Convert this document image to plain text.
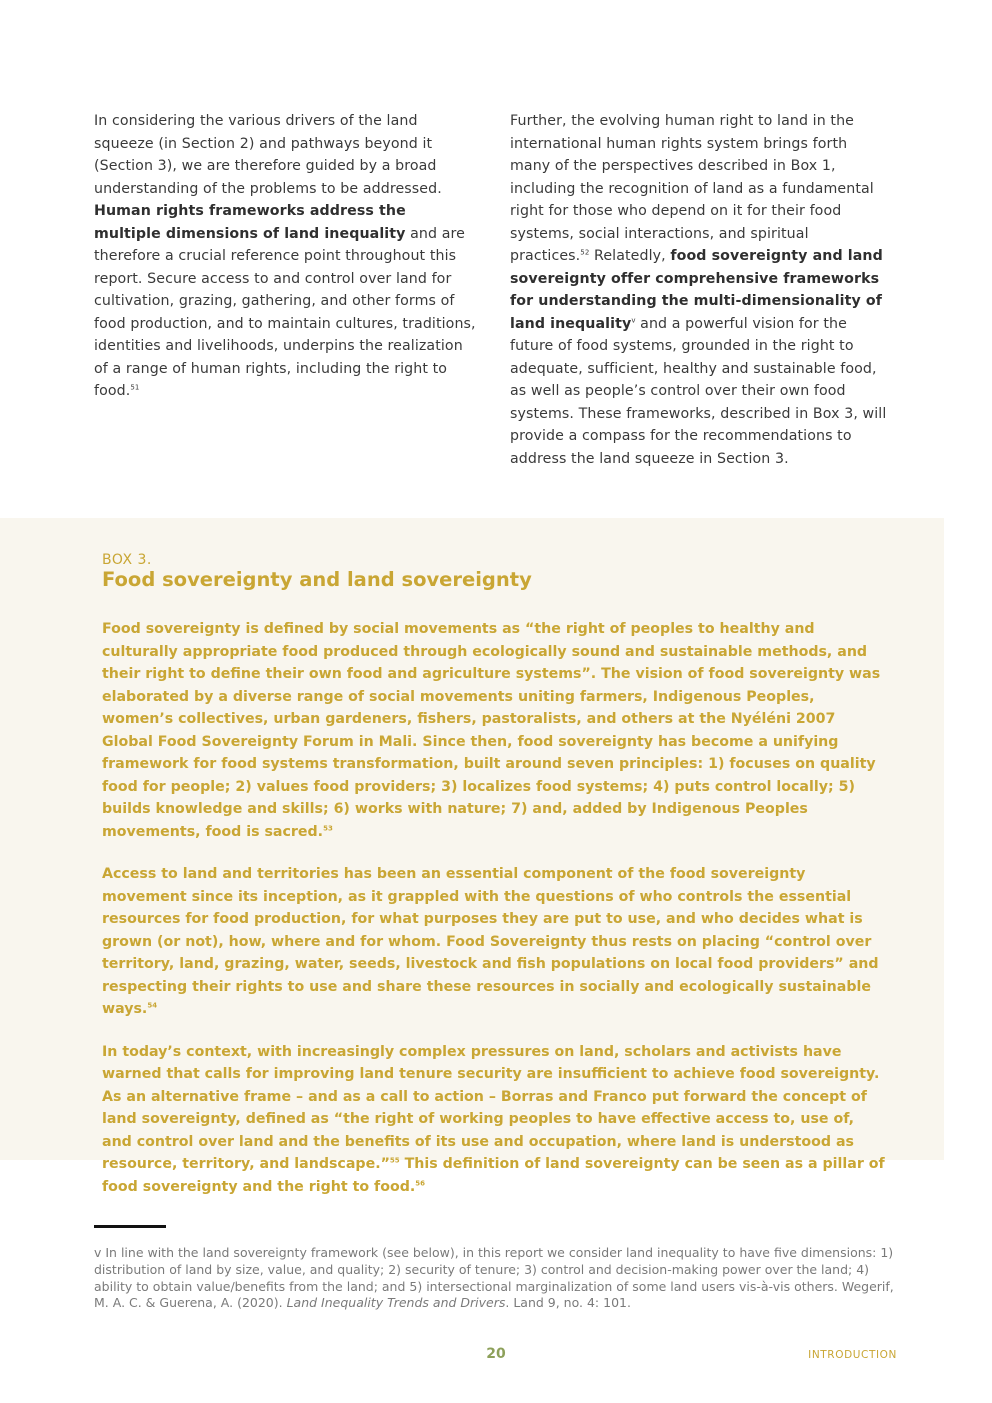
In considering the various drivers of the land squeeze (in Section 2) and pathways beyond it (Section 3), we are therefore guided by a broad understanding of the problems to be addressed. Human rights frameworks address the multiple dimensions of land inequality and are therefore a crucial reference point throughout this report. Secure access to and control over land for cultivation, grazing, gathering, and other forms of food production, and to maintain cultures, traditions, identities and livelihoods, underpins the realization of a range of human rights, including the right to food.$^{51}$

Further, the evolving human right to land in the international human rights system brings forth many of the perspectives described in Box 1, including the recognition of land as a fundamental right for those who depend on it for their food systems, social interactions, and spiritual practices.$^{52}$ Relatedly, food sovereignty and land sovereignty offer comprehensive frameworks for understanding the multi-dimensionality of land inequality$^v$ and a powerful vision for the future of food systems, grounded in the right to adequate, sufficient, healthy and sustainable food, as well as people’s control over their own food systems. These frameworks, described in Box 3, will provide a compass for the recommendations to address the land squeeze in Section 3.

BOX 3.
Food sovereignty and land sovereignty

Food sovereignty is defined by social movements as “the right of peoples to healthy and culturally appropriate food produced through ecologically sound and sustainable methods, and their right to define their own food and agriculture systems”. The vision of food sovereignty was elaborated by a diverse range of social movements uniting farmers, Indigenous Peoples, women’s collectives, urban gardeners, fishers, pastoralists, and others at the Nyéléni 2007 Global Food Sovereignty Forum in Mali. Since then, food sovereignty has become a unifying framework for food systems transformation, built around seven principles: 1) focuses on quality food for people; 2) values food providers; 3) localizes food systems; 4) puts control locally; 5) builds knowledge and skills; 6) works with nature; 7) and, added by Indigenous Peoples movements, food is sacred.$^{53}$

Access to land and territories has been an essential component of the food sovereignty movement since its inception, as it grappled with the questions of who controls the essential resources for food production, for what purposes they are put to use, and who decides what is grown (or not), how, where and for whom. Food Sovereignty thus rests on placing “control over territory, land, grazing, water, seeds, livestock and fish populations on local food providers” and respecting their rights to use and share these resources in socially and ecologically sustainable ways.$^{54}$

In today’s context, with increasingly complex pressures on land, scholars and activists have warned that calls for improving land tenure security are insufficient to achieve food sovereignty. As an alternative frame – and as a call to action – Borras and Franco put forward the concept of land sovereignty, defined as “the right of working peoples to have effective access to, use of, and control over land and the benefits of its use and occupation, where land is understood as resource, territory, and landscape.”$^{55}$ This definition of land sovereignty can be seen as a pillar of food sovereignty and the right to food.$^{56}$

v In line with the land sovereignty framework (see below), in this report we consider land inequality to have five dimensions: 1) distribution of land by size, value, and quality; 2) security of tenure; 3) control and decision-making power over the land; 4) ability to obtain value/benefits from the land; and 5) intersectional marginalization of some land users vis-à-vis others. Wegerif, M. A. C. & Guerena, A. (2020). Land Inequality Trends and Drivers. Land 9, no. 4: 101.

20	INTRODUCTION
